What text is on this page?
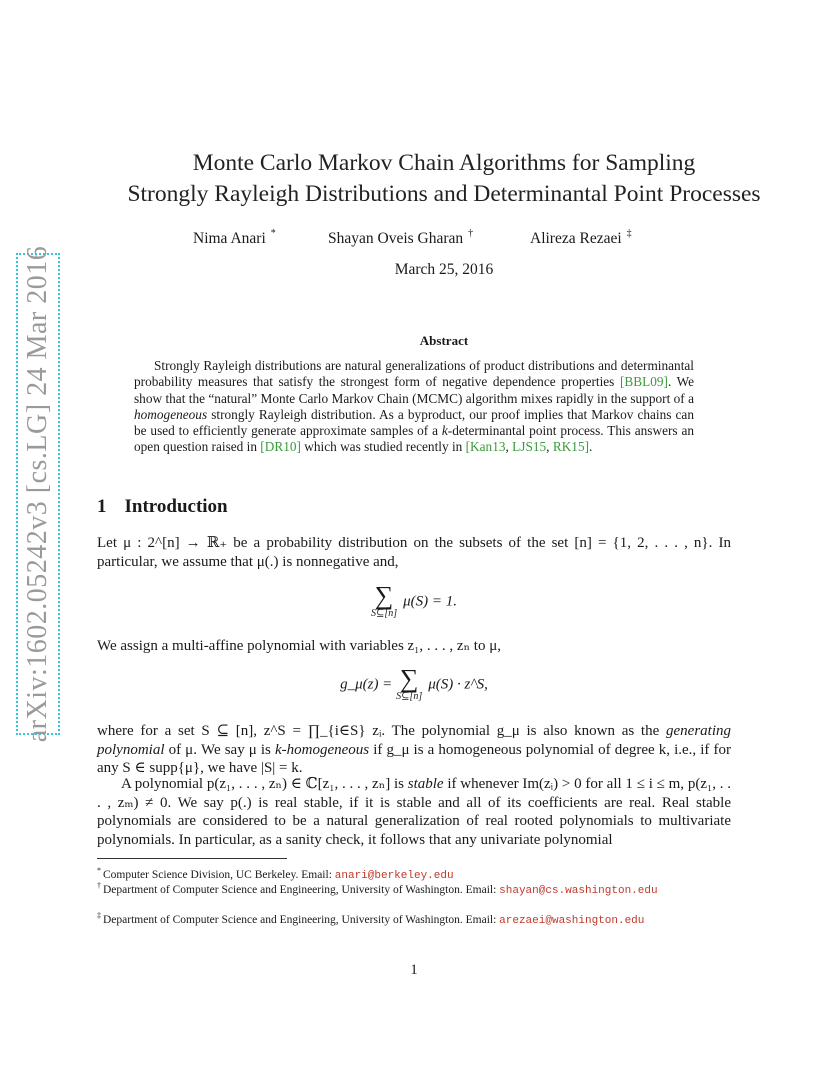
arXiv:1602.05242v3 [cs.LG] 24 Mar 2016
Monte Carlo Markov Chain Algorithms for Sampling
Strongly Rayleigh Distributions and Determinantal Point Processes
Nima Anari *	Shayan Oveis Gharan †	Alireza Rezaei ‡
March 25, 2016
Abstract
Strongly Rayleigh distributions are natural generalizations of product distributions and determinantal probability measures that satisfy the strongest form of negative dependence properties [BBL09]. We show that the “natural” Monte Carlo Markov Chain (MCMC) algorithm mixes rapidly in the support of a homogeneous strongly Rayleigh distribution. As a byproduct, our proof implies that Markov chains can be used to efficiently generate approximate samples of a k-determinantal point process. This answers an open question raised in [DR10] which was studied recently in [Kan13, LJS15, RK15].
1 Introduction
Let μ : 2^[n] → ℝ₊ be a probability distribution on the subsets of the set [n] = {1, 2, . . . , n}. In particular, we assume that μ(.) is nonnegative and,
∑
S⊆[n]
μ(S) = 1.
We assign a multi-affine polynomial with variables z₁, . . . , zₙ to μ,
g_μ(z) = ∑
S⊆[n]
μ(S) · z^S,
where for a set S ⊆ [n], z^S = ∏_{i∈S} zᵢ. The polynomial g_μ is also known as the generating polynomial of μ. We say μ is k-homogeneous if g_μ is a homogeneous polynomial of degree k, i.e., if for any S ∈ supp{μ}, we have |S| = k.
A polynomial p(z₁, . . . , zₙ) ∈ ℂ[z₁, . . . , zₙ] is stable if whenever Im(zᵢ) > 0 for all 1 ≤ i ≤ m, p(z₁, . . . , zₘ) ≠ 0. We say p(.) is real stable, if it is stable and all of its coefficients are real. Real stable polynomials are considered to be a natural generalization of real rooted polynomials to multivariate polynomials. In particular, as a sanity check, it follows that any univariate polynomial
* Computer Science Division, UC Berkeley. Email: anari@berkeley.edu
† Department of Computer Science and Engineering, University of Washington. Email: shayan@cs.washington.edu
‡ Department of Computer Science and Engineering, University of Washington. Email: arezaei@washington.edu
1
